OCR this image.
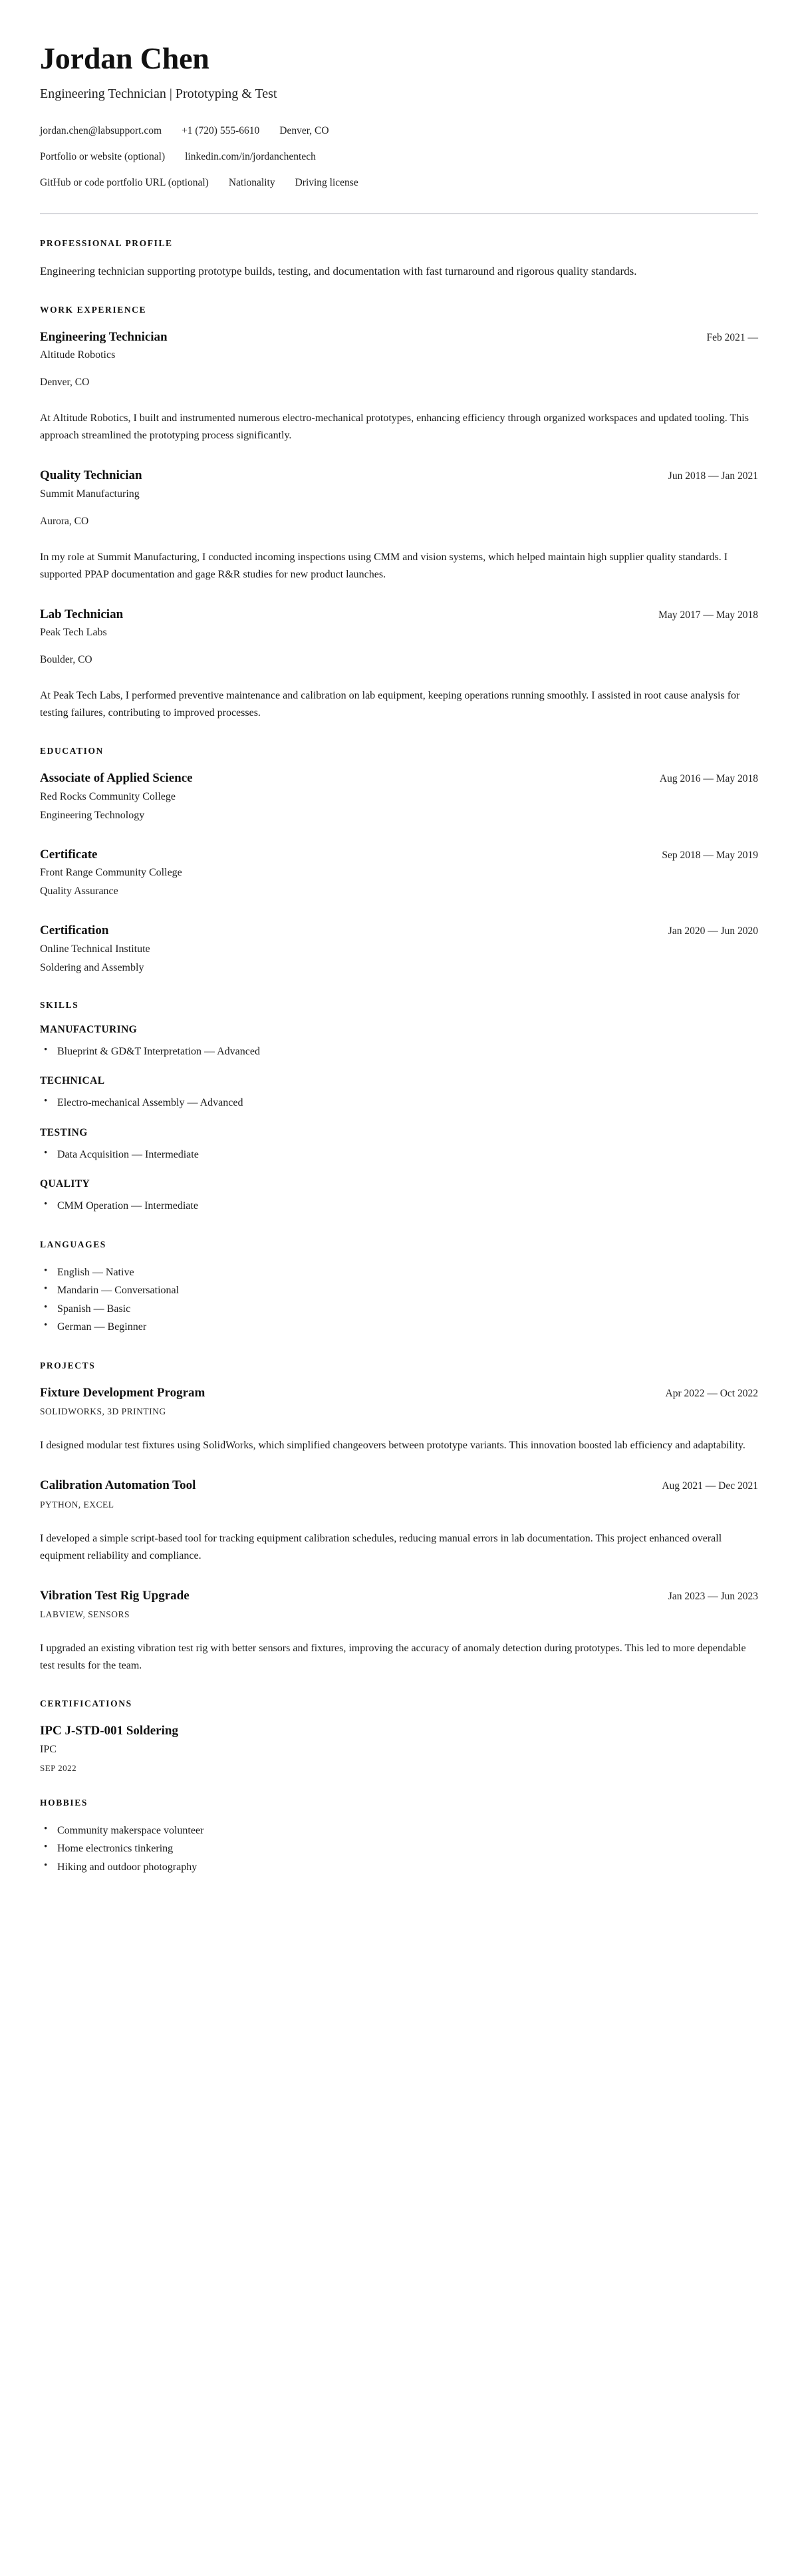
Jordan Chen

Engineering Technician | Prototyping & Test

jordan.chen@labsupport.com +1 (720) 555-6610 Denver, CO
Portfolio or website (optional) linkedin.com/in/jordanchentech
GitHub or code portfolio URL (optional) Nationality Driving license
PROFESSIONAL PROFILE

Engineering technician supporting prototype builds, testing, and documentation with fast turnaround and rigorous quality standards.

WORK EXPERIENCE
Engineering Technician	Feb 2021 —
Altitude Robotics
Denver, CO

At Altitude Robotics, I built and instrumented numerous electro-mechanical prototypes, enhancing efficiency through organized workspaces and updated tooling. This approach streamlined the prototyping process significantly.

Quality Technician	Jun 2018 — Jan 2021
Summit Manufacturing
Aurora, CO

In my role at Summit Manufacturing, I conducted incoming inspections using CMM and vision systems, which helped maintain high supplier quality standards. I supported PPAP documentation and gage R&R studies for new product launches.

Lab Technician	May 2017 — May 2018
Peak Tech Labs
Boulder, CO

At Peak Tech Labs, I performed preventive maintenance and calibration on lab equipment, keeping operations running smoothly. I assisted in root cause analysis for testing failures, contributing to improved processes.

EDUCATION
Associate of Applied Science	Aug 2016 — May 2018
Red Rocks Community College
Engineering Technology
Certificate	Sep 2018 — May 2019
Front Range Community College
Quality Assurance
Certification	Jan 2020 — Jun 2020
Online Technical Institute
Soldering and Assembly
SKILLS
MANUFACTURING
• Blueprint & GD&T Interpretation — Advanced
TECHNICAL
• Electro-mechanical Assembly — Advanced
TESTING
• Data Acquisition — Intermediate
QUALITY
• CMM Operation — Intermediate
LANGUAGES
• English — Native
• Mandarin — Conversational
• Spanish — Basic
• German — Beginner
PROJECTS
Fixture Development Program	Apr 2022 — Oct 2022
SOLIDWORKS, 3D PRINTING

I designed modular test fixtures using SolidWorks, which simplified changeovers between prototype variants. This innovation boosted lab efficiency and adaptability.

Calibration Automation Tool	Aug 2021 — Dec 2021
PYTHON, EXCEL

I developed a simple script-based tool for tracking equipment calibration schedules, reducing manual errors in lab documentation. This project enhanced overall equipment reliability and compliance.

Vibration Test Rig Upgrade	Jan 2023 — Jun 2023
LABVIEW, SENSORS

I upgraded an existing vibration test rig with better sensors and fixtures, improving the accuracy of anomaly detection during prototypes. This led to more dependable test results for the team.

CERTIFICATIONS
IPC J-STD-001 Soldering
IPC
SEP 2022
HOBBIES
• Community makerspace volunteer
• Home electronics tinkering
• Hiking and outdoor photography
